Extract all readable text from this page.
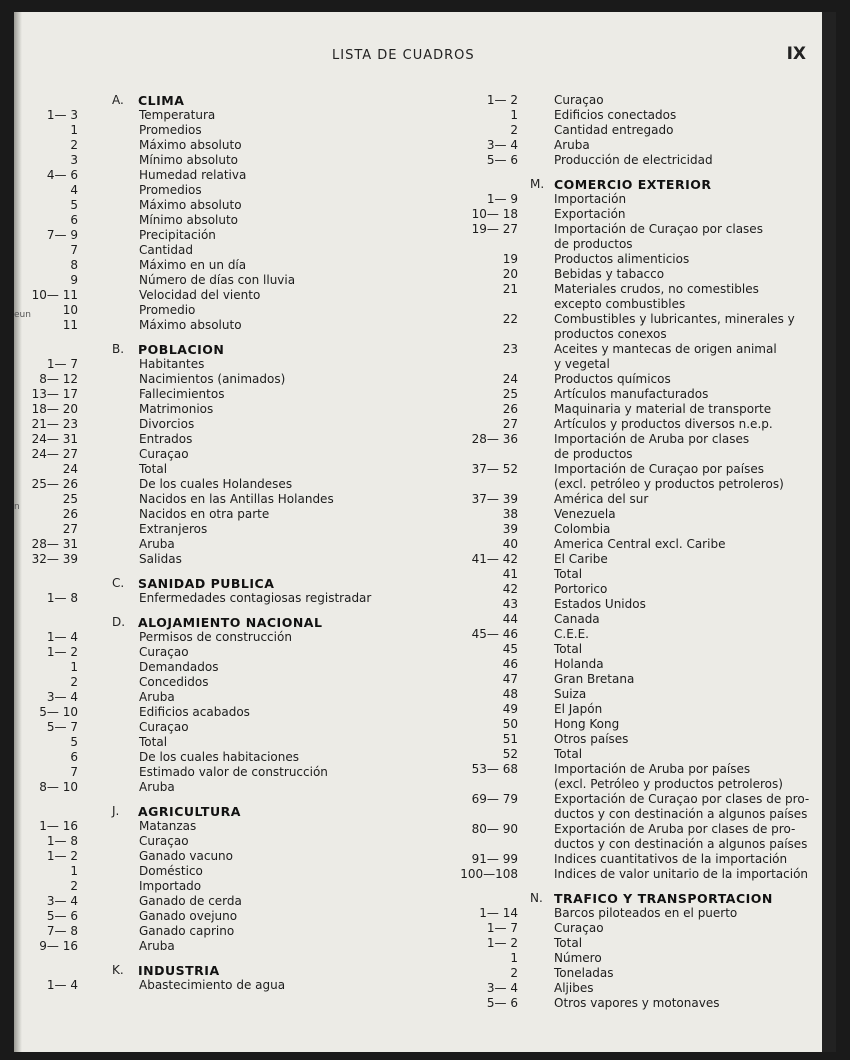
LISTA DE CUADROS	IX
eun
n
A. CLIMA
1— 3	Temperatura
1	Promedios
2	Máximo absoluto
3	Mínimo absoluto
4— 6	Humedad relativa
4	Promedios
5	Máximo absoluto
6	Mínimo absoluto
7— 9	Precipitación
7	Cantidad
8	Máximo en un día
9	Número de días con lluvia
10— 11	Velocidad del viento
10	Promedio
11	Máximo absoluto
B. POBLACION
1— 7	Habitantes
8— 12	Nacimientos (animados)
13— 17	Fallecimientos
18— 20	Matrimonios
21— 23	Divorcios
24— 31	Entrados
24— 27	Curaçao
24	Total
25— 26	De los cuales Holandeses
25	Nacidos en las Antillas Holandes
26	Nacidos en otra parte
27	Extranjeros
28— 31	Aruba
32— 39	Salidas
C. SANIDAD PUBLICA
1— 8	Enfermedades contagiosas registradar
D. ALOJAMIENTO NACIONAL
1— 4	Permisos de construcción
1— 2	Curaçao
1	Demandados
2	Concedidos
3— 4	Aruba
5— 10	Edificios acabados
5— 7	Curaçao
5	Total
6	De los cuales habitaciones
7	Estimado valor de construcción
8— 10	Aruba
J. AGRICULTURA
1— 16	Matanzas
1— 8	Curaçao
1— 2	Ganado vacuno
1	Doméstico
2	Importado
3— 4	Ganado de cerda
5— 6	Ganado ovejuno
7— 8	Ganado caprino
9— 16	Aruba
K. INDUSTRIA
1— 4	Abastecimiento de agua
1— 2	Curaçao
1	Edificios conectados
2	Cantidad entregado
3— 4	Aruba
5— 6	Producción de electricidad
M. COMERCIO EXTERIOR
1— 9	Importación
10— 18	Exportación
19— 27	Importación de Curaçao por clases
de productos
19	Productos alimenticios
20	Bebidas y tabacco
21	Materiales crudos, no comestibles
excepto combustibles
22	Combustibles y lubricantes, minerales y
productos conexos
23	Aceites y mantecas de origen animal
y vegetal
24	Productos químicos
25	Artículos manufacturados
26	Maquinaria y material de transporte
27	Artículos y productos diversos n.e.p.
28— 36	Importación de Aruba por clases
de productos
37— 52	Importación de Curaçao por países
(excl. petróleo y productos petroleros)
37— 39	América del sur
38	Venezuela
39	Colombia
40	America Central excl. Caribe
41— 42	El Caribe
41	Total
42	Portorico
43	Estados Unidos
44	Canada
45— 46	C.E.E.
45	Total
46	Holanda
47	Gran Bretana
48	Suiza
49	El Japón
50	Hong Kong
51	Otros países
52	Total
53— 68	Importación de Aruba por países
(excl. Petróleo y productos petroleros)
69— 79	Exportación de Curaçao por clases de pro-
ductos y con destinación a algunos países
80— 90	Exportación de Aruba por clases de pro-
ductos y con destinación a algunos países
91— 99	Indices cuantitativos de la importación
100—108	Indices de valor unitario de la importación
N. TRAFICO Y TRANSPORTACION
1— 14	Barcos piloteados en el puerto
1— 7	Curaçao
1— 2	Total
1	Número
2	Toneladas
3— 4	Aljibes
5— 6	Otros vapores y motonaves
